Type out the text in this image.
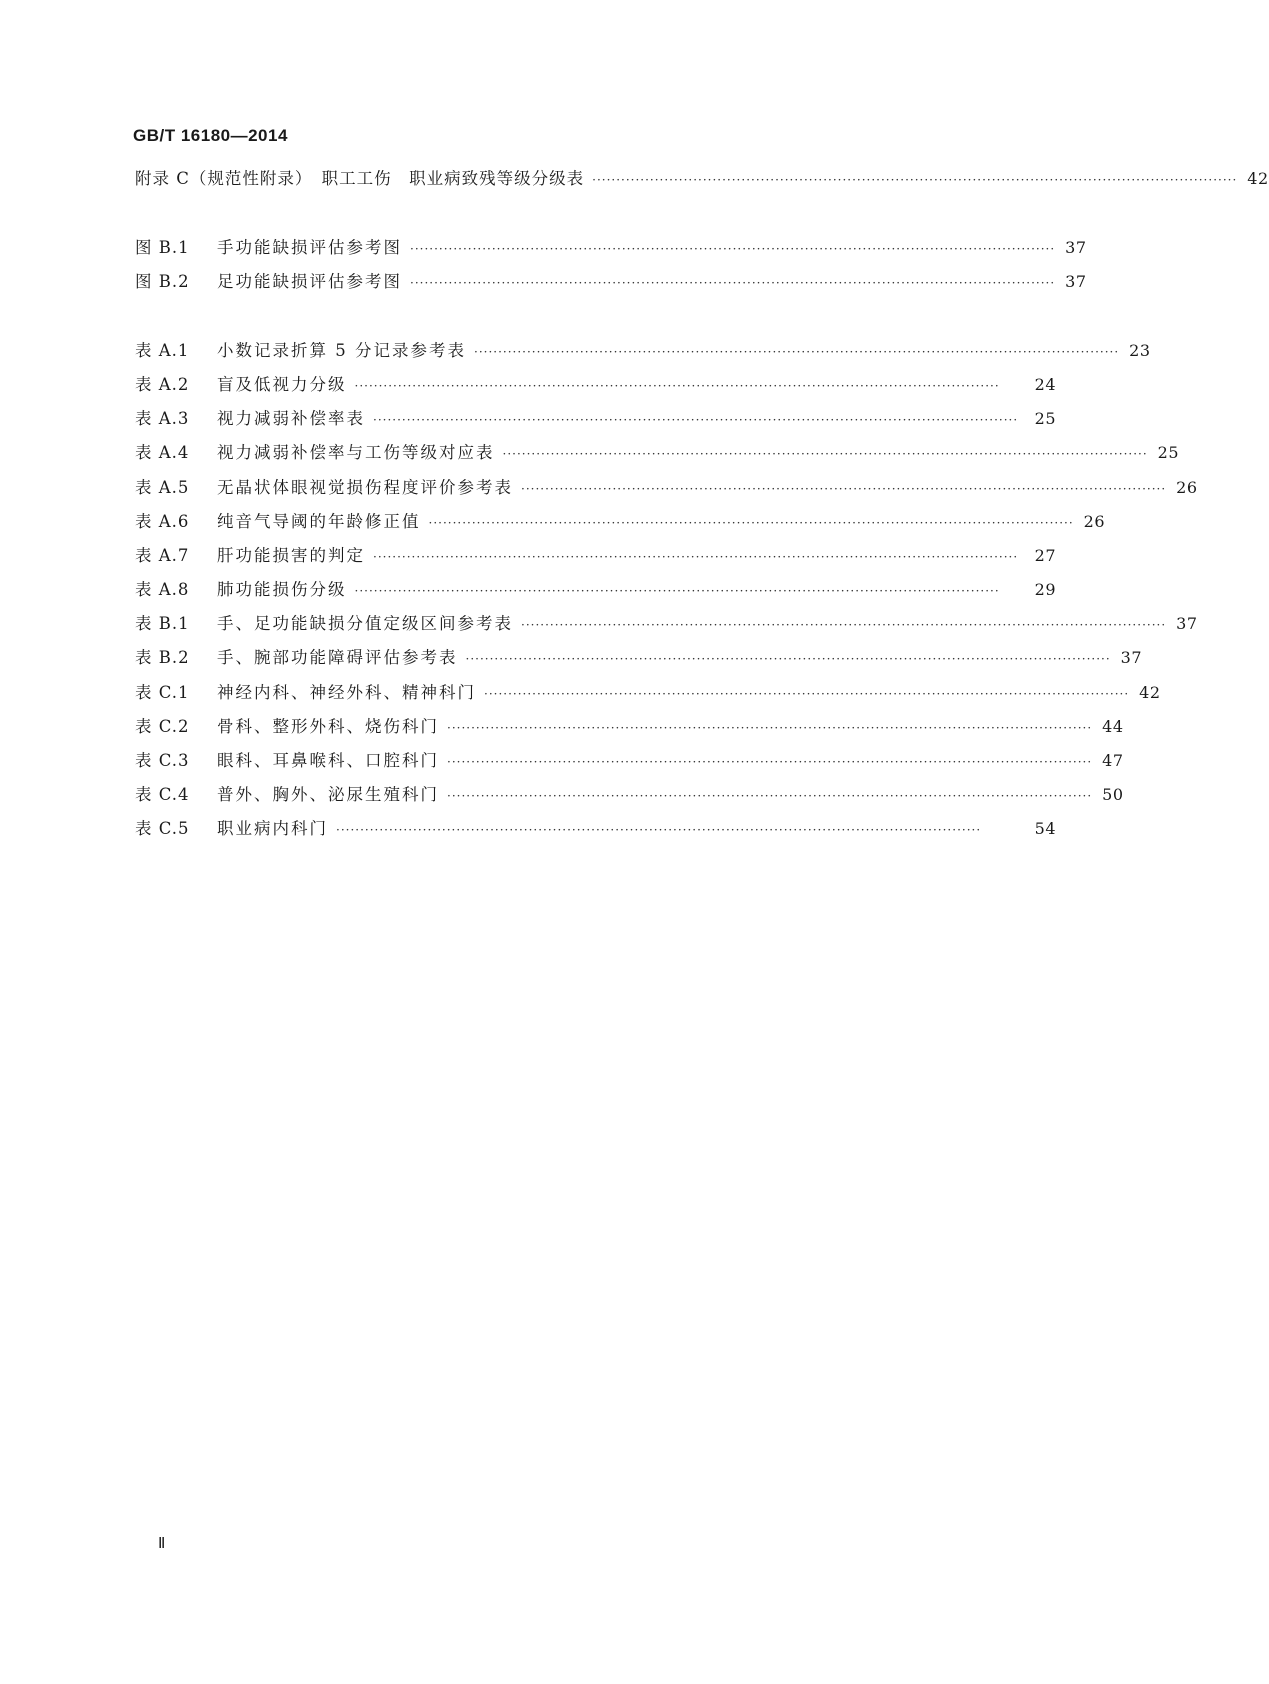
GB/T 16180—2014
附录 C（规范性附录）　职工工伤　职业病致残等级分级表 ······································································································································ 42
图 B.1 手功能缺损评估参考图 ······································································································································ 37
图 B.2 足功能缺损评估参考图 ······································································································································ 37
表 A.1 小数记录折算 5 分记录参考表 ······································································································································ 23
表 A.2 盲及低视力分级 ······································································································································	24
表 A.3 视力减弱补偿率表 ······································································································································	25
表 A.4 视力减弱补偿率与工伤等级对应表 ······································································································································ 25
表 A.5 无晶状体眼视觉损伤程度评价参考表 ······································································································································ 26
表 A.6 纯音气导阈的年龄修正值 ······································································································································ 26
表 A.7 肝功能损害的判定 ······································································································································	27
表 A.8 肺功能损伤分级 ······································································································································	29
表 B.1 手、足功能缺损分值定级区间参考表 ······································································································································ 37
表 B.2 手、腕部功能障碍评估参考表 ······································································································································ 37
表 C.1 神经内科、神经外科、精神科门 ······································································································································ 42
表 C.2 骨科、整形外科、烧伤科门 ······································································································································ 44
表 C.3 眼科、耳鼻喉科、口腔科门 ······································································································································ 47
表 C.4 普外、胸外、泌尿生殖科门 ······································································································································ 50
表 C.5 职业病内科门 ······································································································································	54
Ⅱ
